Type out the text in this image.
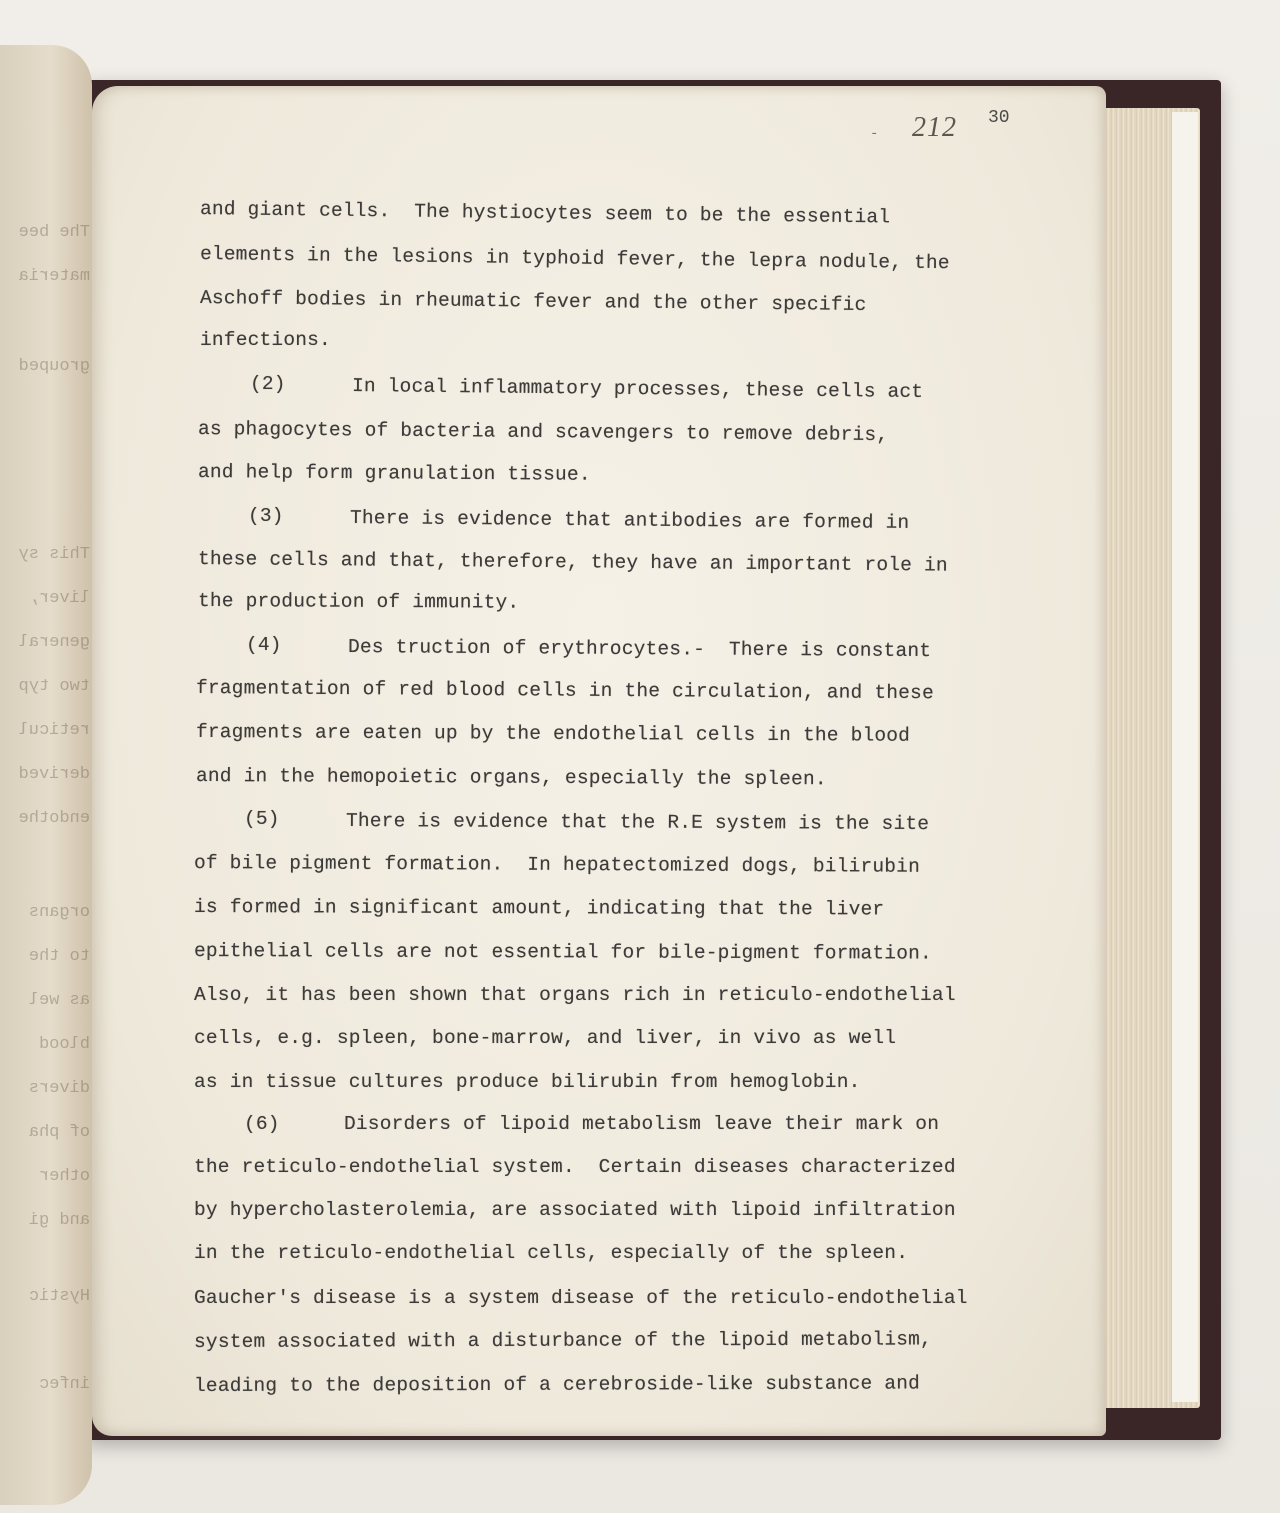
The bee
materia
grouped
This sy
liver,
general
two typ
reticul
derived
endothe
organs
to the
as wel
blood
divers
of pha
other
and gi
Hystic
infec
- 212 30
and giant cells.  The hystiocytes seem to be the essential
elements in the lesions in typhoid fever, the lepra nodule, the
Aschoff bodies in rheumatic fever and the other specific
infections.
(2)	In local inflammatory processes, these cells act
as phagocytes of bacteria and scavengers to remove debris,
and help form granulation tissue.
(3)	There is evidence that antibodies are formed in
these cells and that, therefore, they have an important role in
the production of immunity.
(4)	Des truction of erythrocytes.-  There is constant
fragmentation of red blood cells in the circulation, and these
fragments are eaten up by the endothelial cells in the blood
and in the hemopoietic organs, especially the spleen.
(5)	There is evidence that the R.E system is the site
of bile pigment formation.  In hepatectomized dogs, bilirubin
is formed in significant amount, indicating that the liver
epithelial cells are not essential for bile-pigment formation.
Also, it has been shown that organs rich in reticulo-endothelial
cells, e.g. spleen, bone-marrow, and liver, in vivo as well
as in tissue cultures produce bilirubin from hemoglobin.
(6)	Disorders of lipoid metabolism leave their mark on
the reticulo-endothelial system.  Certain diseases characterized
by hypercholasterolemia, are associated with lipoid infiltration
in the reticulo-endothelial cells, especially of the spleen.
Gaucher's disease is a system disease of the reticulo-endothelial
system associated with a disturbance of the lipoid metabolism,
leading to the deposition of a cerebroside-like substance and
